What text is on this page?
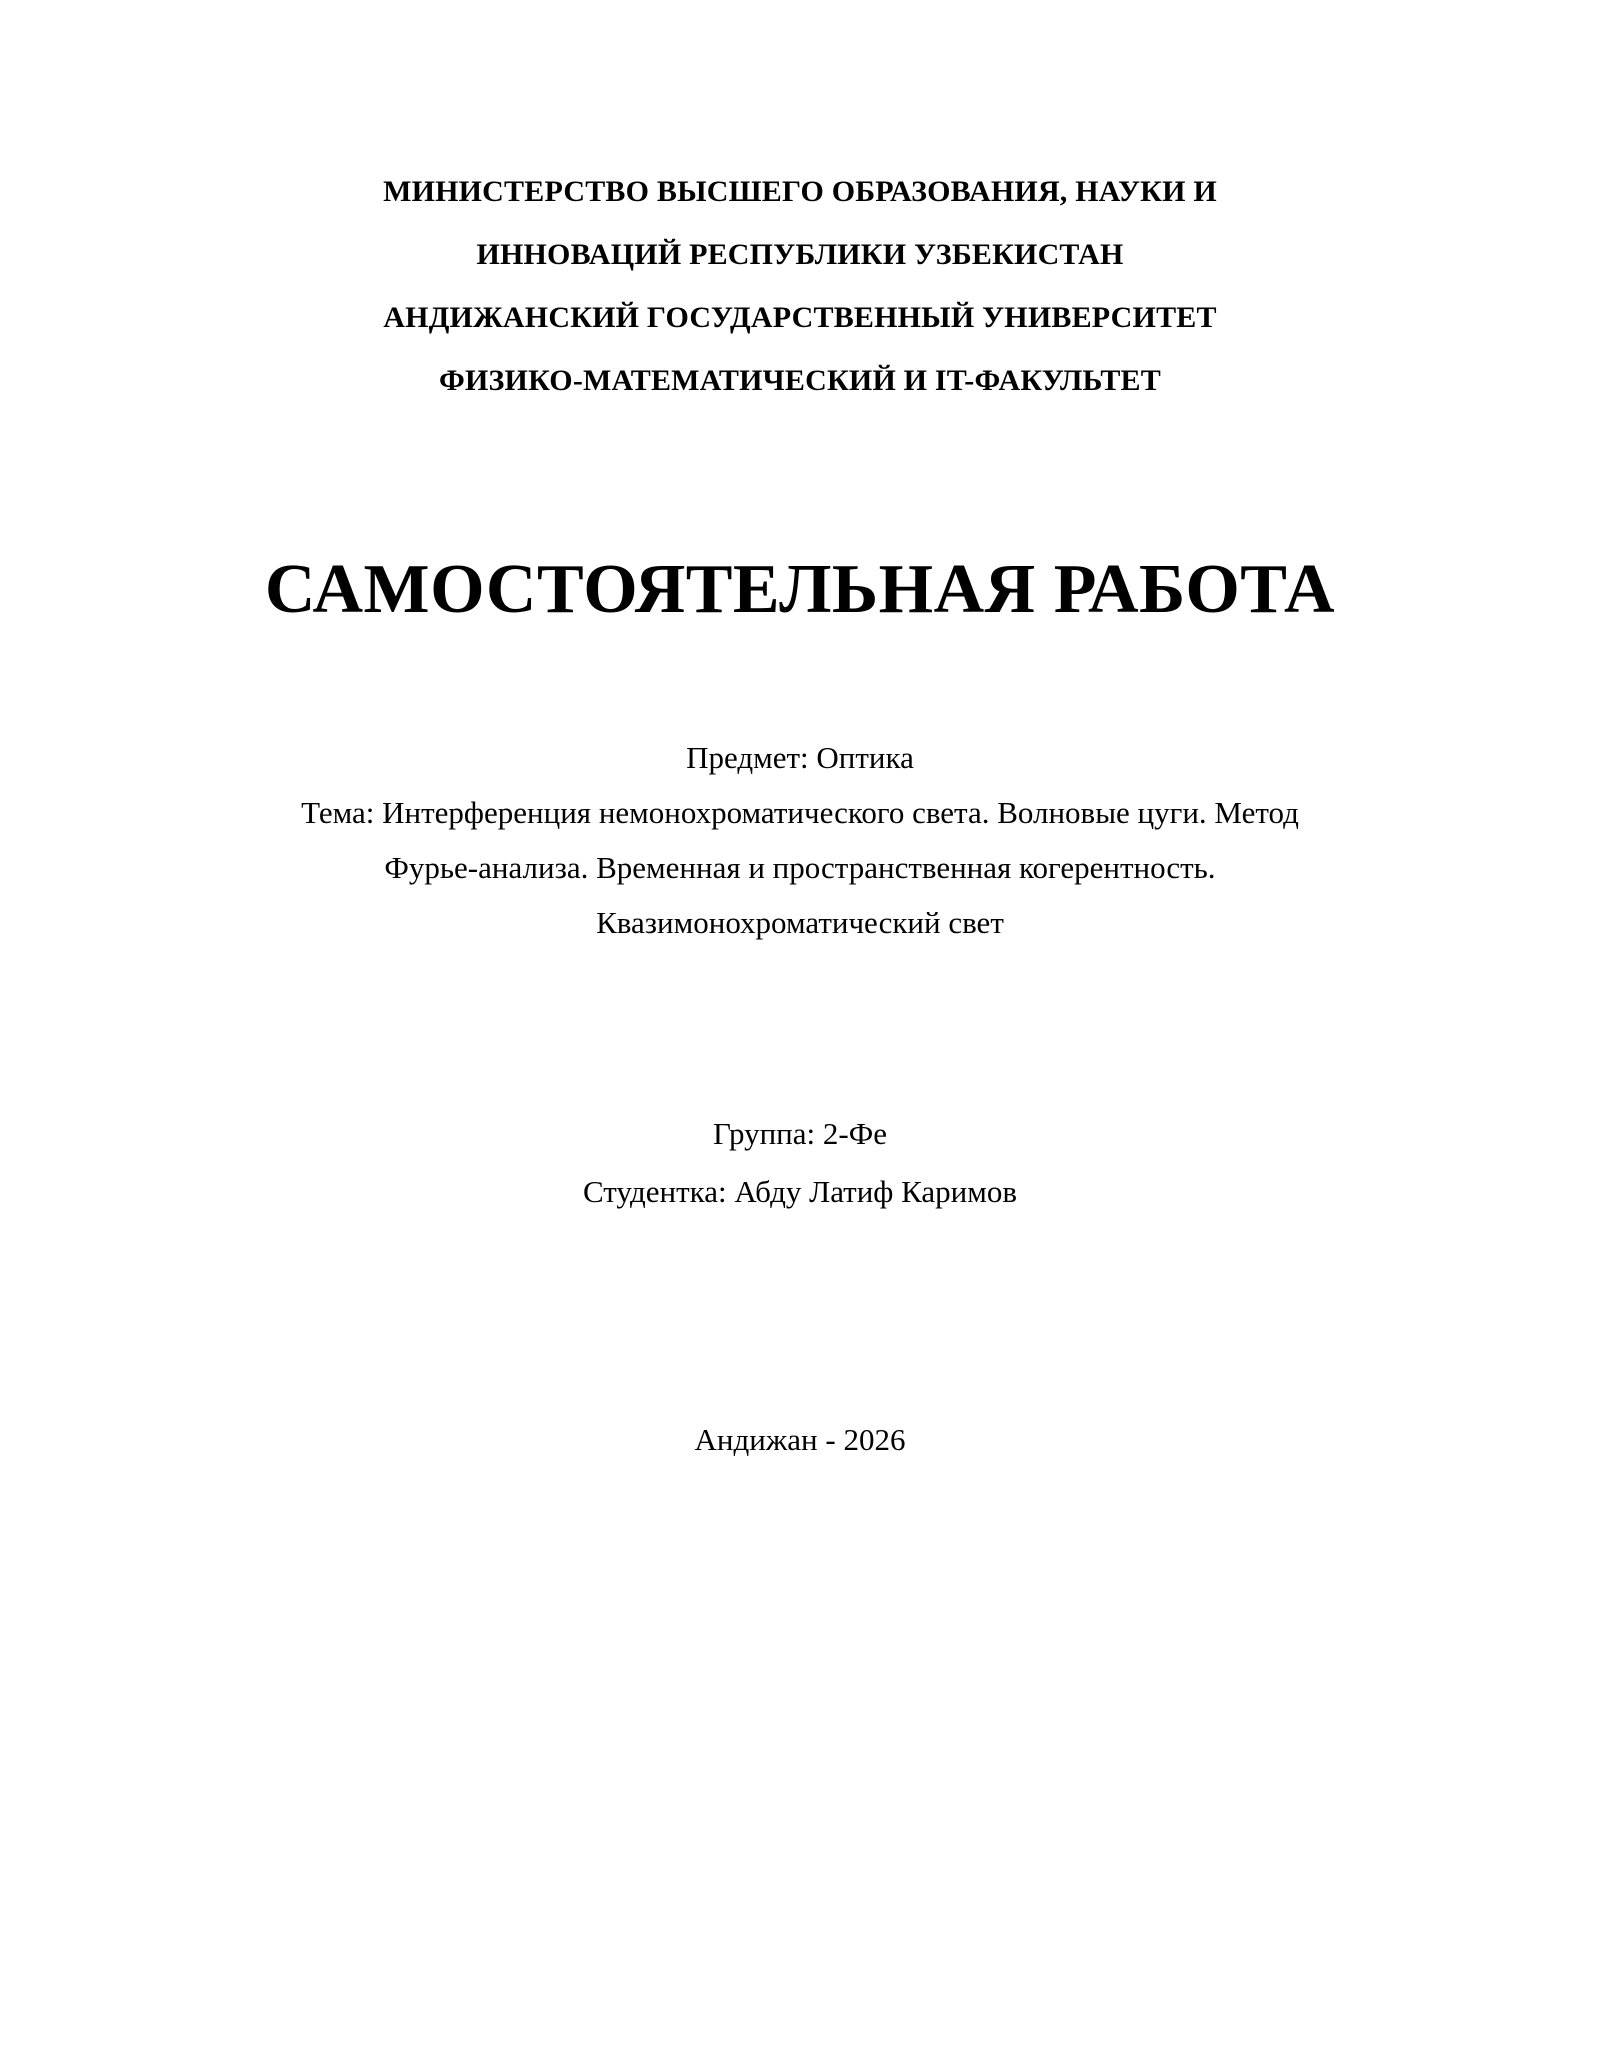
МИНИСТЕРСТВО ВЫСШЕГО ОБРАЗОВАНИЯ, НАУКИ И
ИННОВАЦИЙ РЕСПУБЛИКИ УЗБЕКИСТАН
АНДИЖАНСКИЙ ГОСУДАРСТВЕННЫЙ УНИВЕРСИТЕТ
ФИЗИКО-МАТЕМАТИЧЕСКИЙ И IT-ФАКУЛЬТЕТ
САМОСТОЯТЕЛЬНАЯ РАБОТА
Предмет: Оптика
Тема: Интерференция немонохроматического света. Волновые цуги. Метод
Фурье-анализа. Временная и пространственная когерентность.
Квазимонохроматический свет
Группа: 2-Фе
Студентка: Абду Латиф Каримов
Андижан - 2026
